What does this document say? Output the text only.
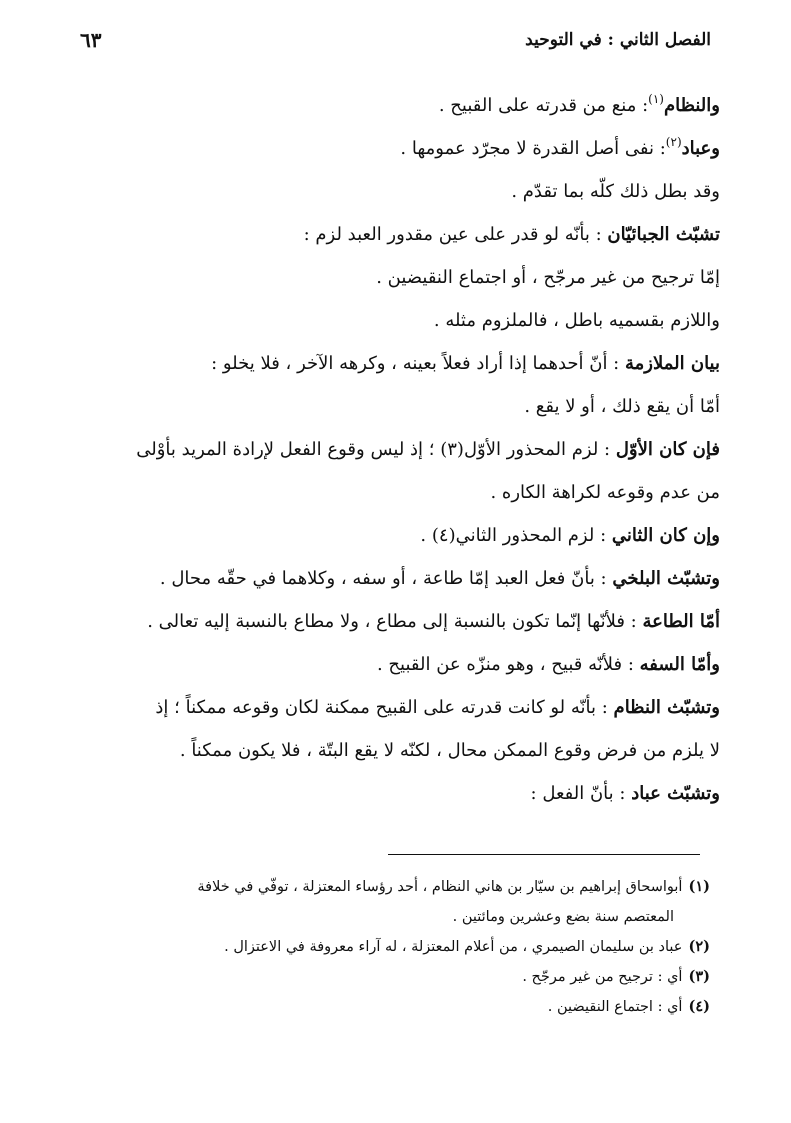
الفصل الثاني : في التوحيد
٦٣
والنظام$^{(١)}$: منع من قدرته على القبيح .
وعباد$^{(٢)}$: نفى أصل القدرة لا مجرّد عمومها .
وقد بطل ذلك كلّه بما تقدّم .
تشبّث الجبائيّان : بأنّه لو قدر على عين مقدور العبد لزم :
إمّا ترجيح من غير مرجّح ، أو اجتماع النقيضين .
واللازم بقسميه باطل ، فالملزوم مثله .
بيان الملازمة : أنّ أحدهما إذا أراد فعلاً بعينه ، وكرهه الآخر ، فلا يخلو :
أمّا أن يقع ذلك ، أو لا يقع .
فإن كان الأوّل : لزم المحذور الأوّل(٣) ؛ إذ ليس وقوع الفعل لإرادة المريد بأوْلى
من عدم وقوعه لكراهة الكاره .
وإن كان الثاني : لزم المحذور الثاني(٤) .
وتشبّث البلخي : بأنّ فعل العبد إمّا طاعة ، أو سفه ، وكلاهما في حقّه محال .
أمّا الطاعة : فلأنّها إنّما تكون بالنسبة إلى مطاع ، ولا مطاع بالنسبة إليه تعالى .
وأمّا السفه : فلأنّه قبيح ، وهو منزّه عن القبيح .
وتشبّث النظام : بأنّه لو كانت قدرته على القبيح ممكنة لكان وقوعه ممكناً ؛ إذ
لا يلزم من فرض وقوع الممكن محال ، لكنّه لا يقع البتّة ، فلا يكون ممكناً .
وتشبّث عباد : بأنّ الفعل :
(١)أبواسحاق إبراهيم بن سيّار بن هاني النظام ، أحد رؤساء المعتزلة ، توفّي في خلافة
المعتصم سنة بضع وعشرين ومائتين .
(٢)عباد بن سليمان الصيمري ، من أعلام المعتزلة ، له آراء معروفة في الاعتزال .
(٣)أي : ترجيح من غير مرجّح .
(٤)أي : اجتماع النقيضين .
